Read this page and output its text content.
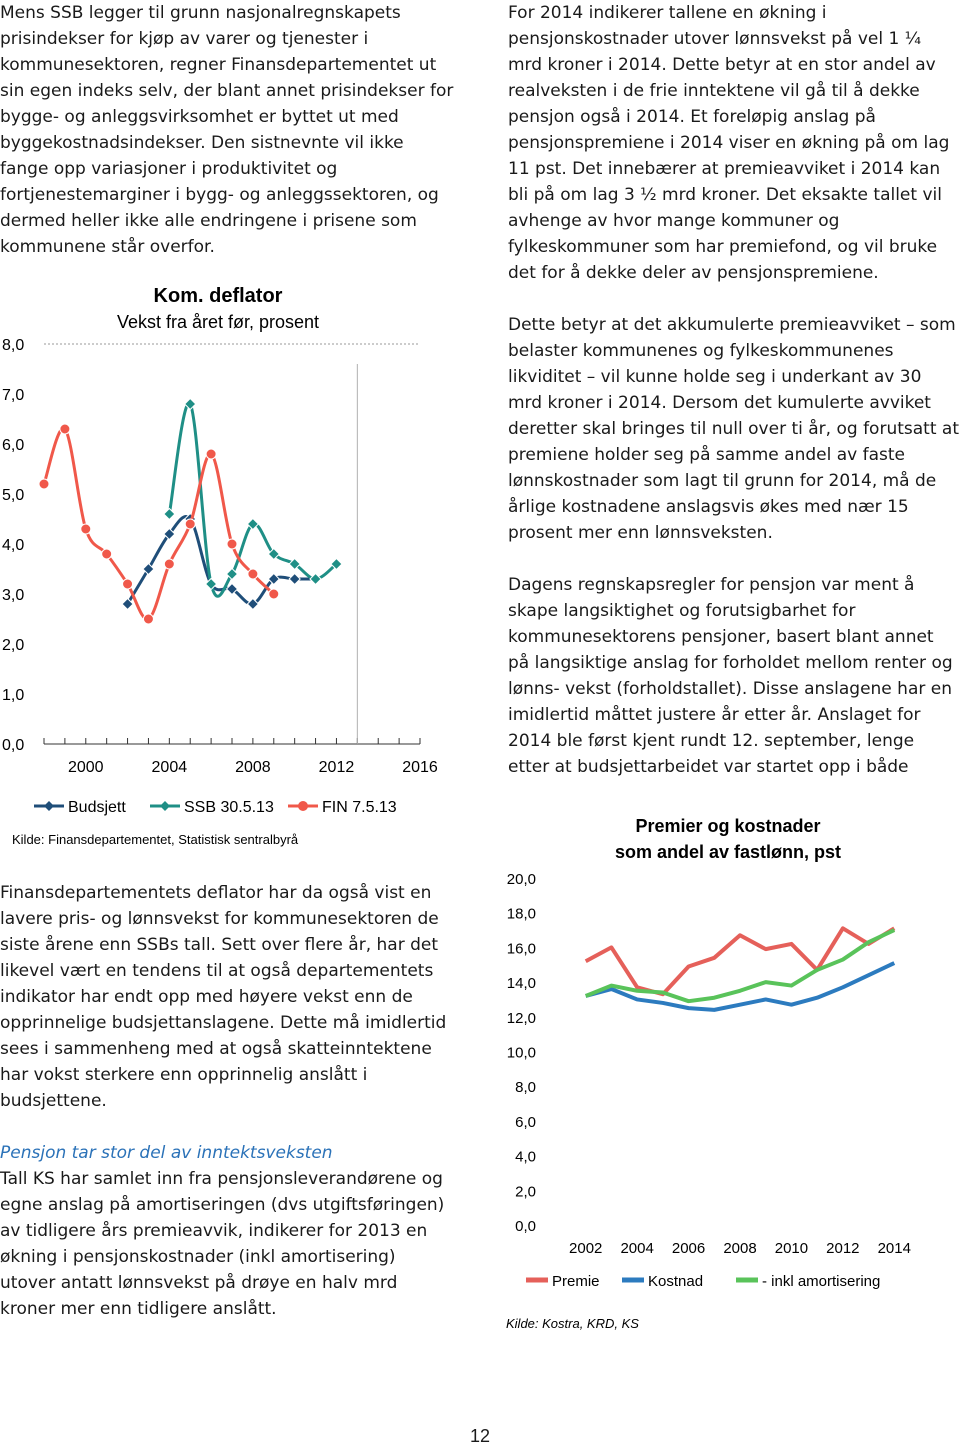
Mens SSB legger til grunn nasjonalregnskapets prisindekser for kjøp av varer og tjenester i kommunesektoren, regner Finansdepartementet ut sin egen indeks selv, der blant annet prisindekser for bygge- og anleggsvirksomhet er byttet ut med byggekostnadsindekser. Den sistnevnte vil ikke fange opp variasjoner i produktivitet og fortjenestemarginer i bygg- og anleggssektoren, og dermed heller ikke alle endringene i prisene som kommunene står overfor.

Kom. deflator
Vekst fra året før, prosent
0,0
1,0
2,0
3,0
4,0
5,0
6,0
7,0
8,0
2000	2004	2008	2012	2016
Budsjett	SSB 30.5.13	FIN 7.5.13
Kilde: Finansdepartementet, Statistisk sentralbyrå

Finansdepartementets deflator har da også vist en lavere pris- og lønnsvekst for kommunesektoren de siste årene enn SSBs tall. Sett over flere år, har det likevel vært en tendens til at også departementets indikator har endt opp med høyere vekst enn de opprinnelige budsjettanslagene. Dette må imidlertid sees i sammenheng med at også skatteinntektene har vokst sterkere enn opprinnelig anslått i budsjettene.

Pensjon tar stor del av inntektsveksten

Tall KS har samlet inn fra pensjonsleverandørene og egne anslag på amortiseringen (dvs utgiftsføringen) av tidligere års premieavvik, indikerer for 2013 en økning i pensjonskostnader (inkl amortisering) utover antatt lønnsvekst på drøye en halv mrd kroner mer enn tidligere anslått.

For 2014 indikerer tallene en økning i pensjonskostnader utover lønnsvekst på vel 1 ¼ mrd kroner i 2014. Dette betyr at en stor andel av realveksten i de frie inntektene vil gå til å dekke pensjon også i 2014. Et foreløpig anslag på pensjonspremiene i 2014 viser en økning på om lag 11 pst. Det innebærer at premieavviket i 2014 kan bli på om lag 3 ½ mrd kroner. Det eksakte tallet vil avhenge av hvor mange kommuner og fylkeskommuner som har premiefond, og vil bruke det for å dekke deler av pensjonspremiene.

Dette betyr at det akkumulerte premieavviket – som belaster kommunenes og fylkeskommunenes likviditet – vil kunne holde seg i underkant av 30 mrd kroner i 2014. Dersom det kumulerte avviket deretter skal bringes til null over ti år, og forutsatt at premiene holder seg på samme andel av faste lønnskostnader som lagt til grunn for 2014, må de årlige kostnadene anslagsvis økes med nær 15 prosent mer enn lønnsveksten.

Dagens regnskapsregler for pensjon var ment å skape langsiktighet og forutsigbarhet for kommunesektorens pensjoner, basert blant annet på langsiktige anslag for forholdet mellom renter og lønns- vekst (forholdstallet). Disse anslagene har en imidlertid måttet justere år etter år. Anslaget for 2014 ble først kjent rundt 12. september, lenge etter at budsjettarbeidet var startet opp i både

Premier og kostnader
som andel av fastlønn, pst
0,0
2,0
4,0
6,0
8,0
10,0
12,0
14,0
16,0
18,0
20,0
2002 2004 2006 2008 2010 2012 2014
Premie	Kostnad	- inkl amortisering
Kilde: Kostra, KRD, KS
12
